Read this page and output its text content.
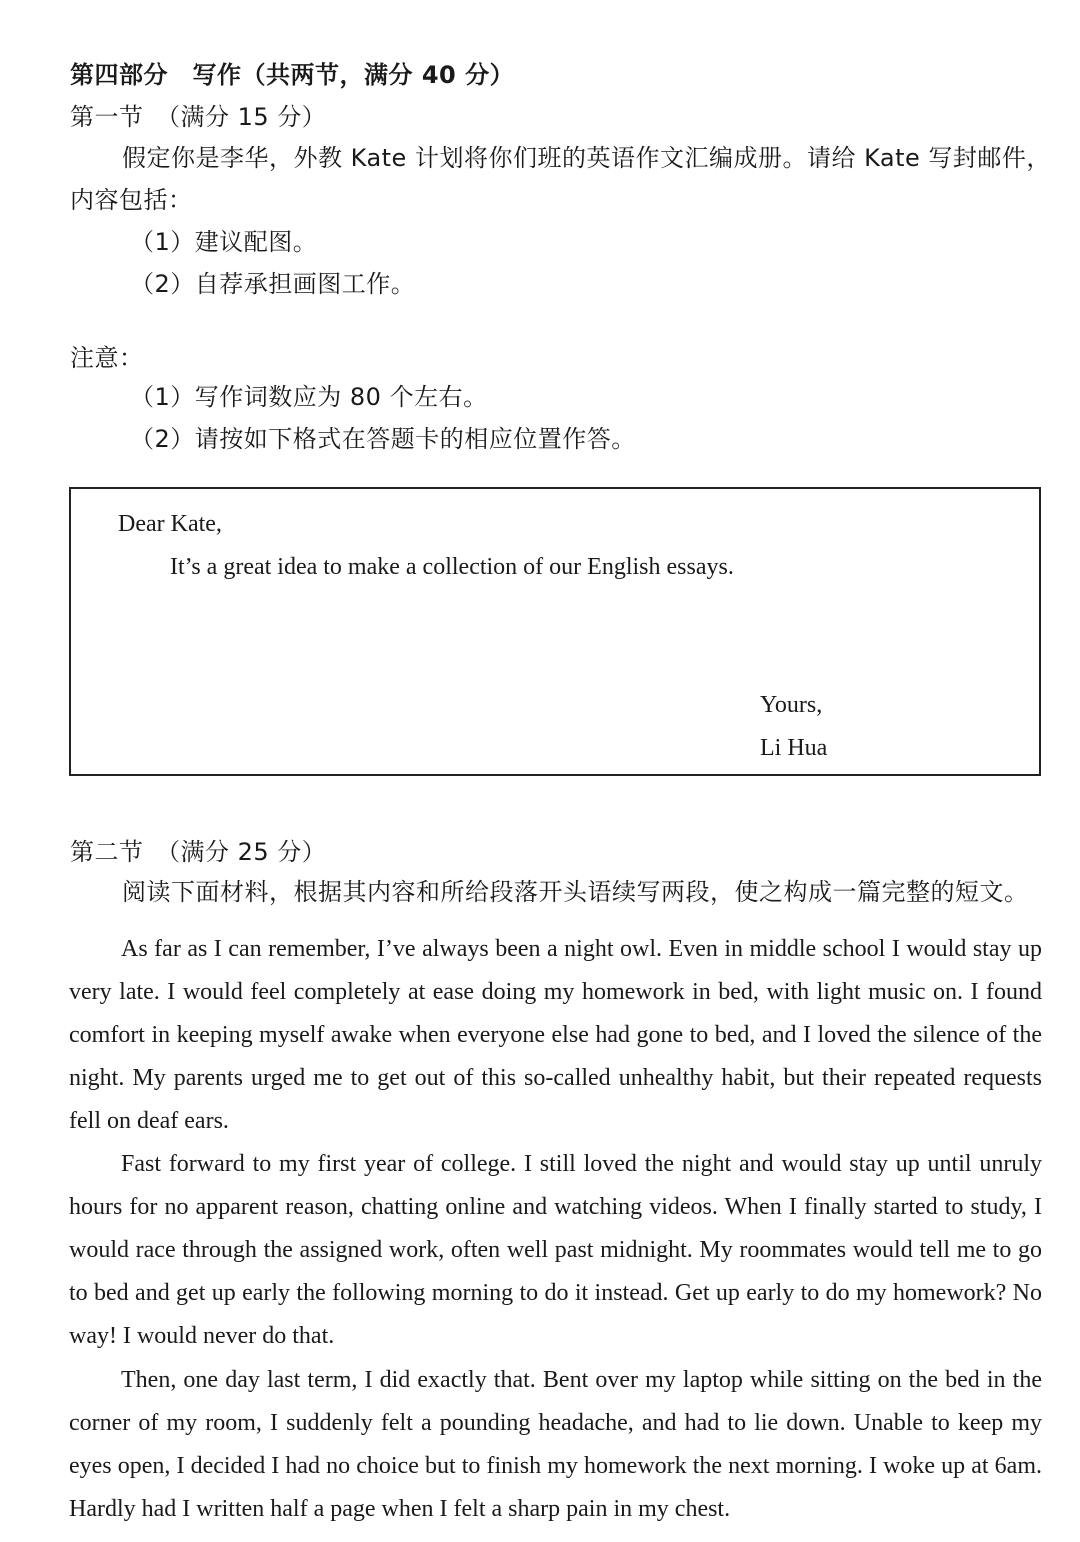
第四部分　写作（共两节，满分 40 分）
第一节　（满分 15 分）
假定你是李华，外教 Kate 计划将你们班的英语作文汇编成册。请给 Kate 写封邮件，
内容包括：
（1）建议配图。
（2）自荐承担画图工作。
注意：
（1）写作词数应为 80 个左右。
（2）请按如下格式在答题卡的相应位置作答。
Dear Kate,
It’s a great idea to make a collection of our English essays.
Yours,
Li Hua
第二节　（满分 25 分）
阅读下面材料，根据其内容和所给段落开头语续写两段，使之构成一篇完整的短文。
As far as I can remember, I’ve always been a night owl. Even in middle school I would stay up very late. I would feel completely at ease doing my homework in bed, with light music on. I found comfort in keeping myself awake when everyone else had gone to bed, and I loved the silence of the night. My parents urged me to get out of this so-called unhealthy habit, but their repeated requests fell on deaf ears.
Fast forward to my first year of college. I still loved the night and would stay up until unruly hours for no apparent reason, chatting online and watching videos. When I finally started to study, I would race through the assigned work, often well past midnight. My roommates would tell me to go to bed and get up early the following morning to do it instead. Get up early to do my homework? No way! I would never do that.
Then, one day last term, I did exactly that. Bent over my laptop while sitting on the bed in the corner of my room, I suddenly felt a pounding headache, and had to lie down. Unable to keep my eyes open, I decided I had no choice but to finish my homework the next morning. I woke up at 6am. Hardly had I written half a page when I felt a sharp pain in my chest.
